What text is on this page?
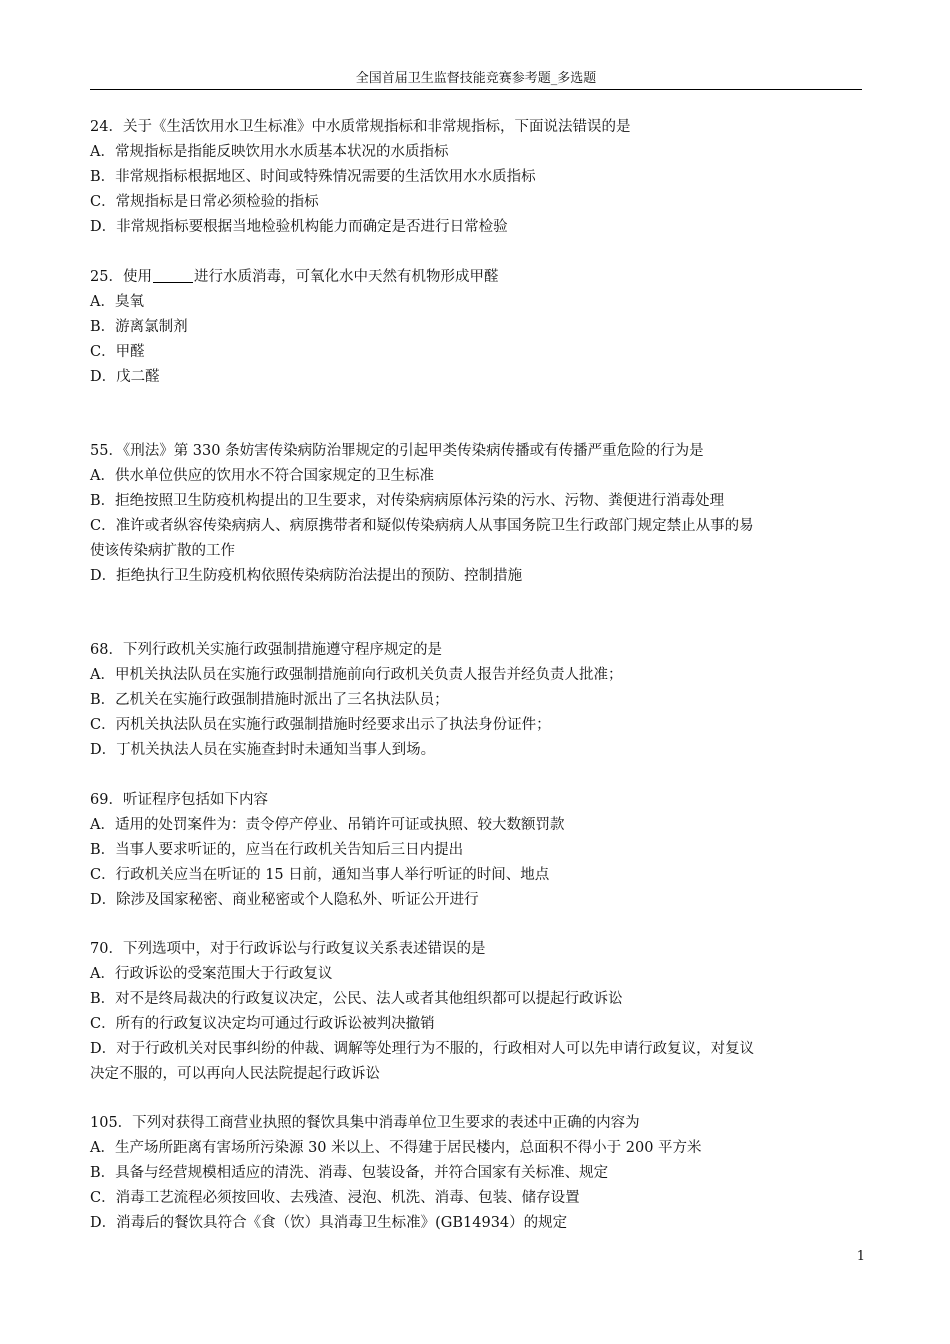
全国首届卫生监督技能竞赛参考题_多选题
24．关于《生活饮用水卫生标准》中水质常规指标和非常规指标，下面说法错误的是
A．常规指标是指能反映饮用水水质基本状况的水质指标
B．非常规指标根据地区、时间或特殊情况需要的生活饮用水水质指标
C．常规指标是日常必须检验的指标
D．非常规指标要根据当地检验机构能力而确定是否进行日常检验
25．使用	进行水质消毒，可氧化水中天然有机物形成甲醛
A．臭氧
B．游离氯制剂
C．甲醛
D．戊二醛
55．《刑法》第 330 条妨害传染病防治罪规定的引起甲类传染病传播或有传播严重危险的行为是
A．供水单位供应的饮用水不符合国家规定的卫生标准
B．拒绝按照卫生防疫机构提出的卫生要求，对传染病病原体污染的污水、污物、粪便进行消毒处理
C．准许或者纵容传染病病人、病原携带者和疑似传染病病人从事国务院卫生行政部门规定禁止从事的易
使该传染病扩散的工作
D．拒绝执行卫生防疫机构依照传染病防治法提出的预防、控制措施
68．下列行政机关实施行政强制措施遵守程序规定的是
A．甲机关执法队员在实施行政强制措施前向行政机关负责人报告并经负责人批准；
B．乙机关在实施行政强制措施时派出了三名执法队员；
C．丙机关执法队员在实施行政强制措施时经要求出示了执法身份证件；
D．丁机关执法人员在实施查封时未通知当事人到场。
69．听证程序包括如下内容
A．适用的处罚案件为：责令停产停业、吊销许可证或执照、较大数额罚款
B．当事人要求听证的，应当在行政机关告知后三日内提出
C．行政机关应当在听证的 15 日前，通知当事人举行听证的时间、地点
D．除涉及国家秘密、商业秘密或个人隐私外、听证公开进行
70．下列选项中，对于行政诉讼与行政复议关系表述错误的是
A．行政诉讼的受案范围大于行政复议
B．对不是终局裁决的行政复议决定，公民、法人或者其他组织都可以提起行政诉讼
C．所有的行政复议决定均可通过行政诉讼被判决撤销
D．对于行政机关对民事纠纷的仲裁、调解等处理行为不服的，行政相对人可以先申请行政复议，对复议
决定不服的，可以再向人民法院提起行政诉讼
105．下列对获得工商营业执照的餐饮具集中消毒单位卫生要求的表述中正确的内容为
A．生产场所距离有害场所污染源 30 米以上、不得建于居民楼内，总面积不得小于 200 平方米
B．具备与经营规模相适应的清洗、消毒、包装设备，并符合国家有关标准、规定
C．消毒工艺流程必须按回收、去残渣、浸泡、机洗、消毒、包装、储存设置
D．消毒后的餐饮具符合《食（饮）具消毒卫生标准》(GB14934）的规定
1
